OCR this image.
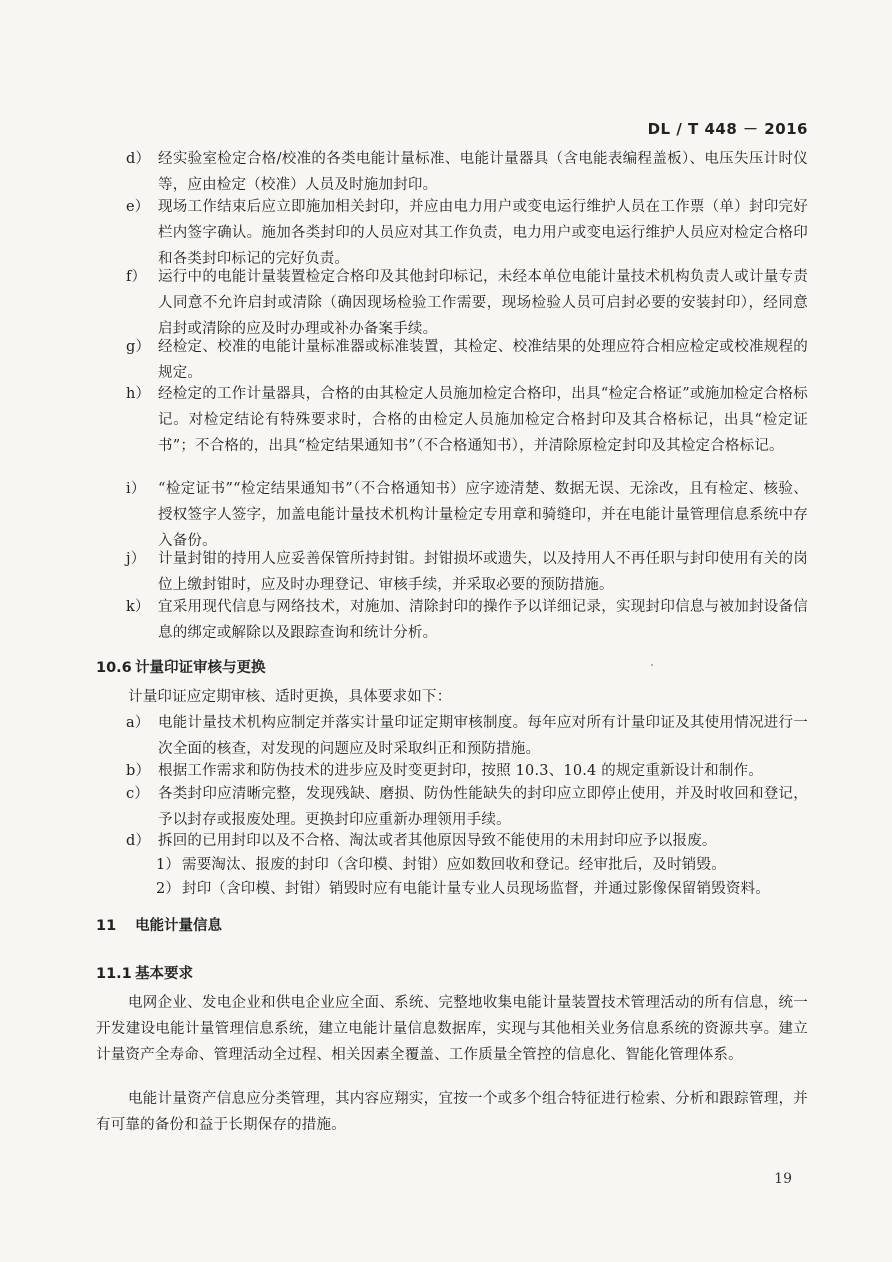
DL / T 448 － 2016
d） 经实验室检定合格/校准的各类电能计量标准、电能计量器具（含电能表编程盖板）、电压失压计时仪等，应由检定（校准）人员及时施加封印。
e） 现场工作结束后应立即施加相关封印，并应由电力用户或变电运行维护人员在工作票（单）封印完好栏内签字确认。施加各类封印的人员应对其工作负责，电力用户或变电运行维护人员应对检定合格印和各类封印标记的完好负责。
f） 运行中的电能计量装置检定合格印及其他封印标记，未经本单位电能计量技术机构负责人或计量专责人同意不允许启封或清除（确因现场检验工作需要，现场检验人员可启封必要的安装封印），经同意启封或清除的应及时办理或补办备案手续。
g） 经检定、校准的电能计量标准器或标准装置，其检定、校准结果的处理应符合相应检定或校准规程的规定。
h） 经检定的工作计量器具，合格的由其检定人员施加检定合格印，出具“检定合格证”或施加检定合格标记。对检定结论有特殊要求时，合格的由检定人员施加检定合格封印及其合格标记，出具“检定证书”；不合格的，出具“检定结果通知书”（不合格通知书），并清除原检定封印及其检定合格标记。
i） “检定证书”“检定结果通知书”（不合格通知书）应字迹清楚、数据无误、无涂改，且有检定、核验、授权签字人签字，加盖电能计量技术机构计量检定专用章和骑缝印，并在电能计量管理信息系统中存入备份。
j） 计量封钳的持用人应妥善保管所持封钳。封钳损坏或遗失，以及持用人不再任职与封印使用有关的岗位上缴封钳时，应及时办理登记、审核手续，并采取必要的预防措施。
k） 宜采用现代信息与网络技术，对施加、清除封印的操作予以详细记录，实现封印信息与被加封设备信息的绑定或解除以及跟踪查询和统计分析。
10.6 计量印证审核与更换
计量印证应定期审核、适时更换，具体要求如下：
a） 电能计量技术机构应制定并落实计量印证定期审核制度。每年应对所有计量印证及其使用情况进行一次全面的核查，对发现的问题应及时采取纠正和预防措施。
b） 根据工作需求和防伪技术的进步应及时变更封印，按照 10.3、10.4 的规定重新设计和制作。
c） 各类封印应清晰完整，发现残缺、磨损、防伪性能缺失的封印应立即停止使用，并及时收回和登记，予以封存或报废处理。更换封印应重新办理领用手续。
d） 拆回的已用封印以及不合格、淘汰或者其他原因导致不能使用的未用封印应予以报废。
1） 需要淘汰、报废的封印（含印模、封钳）应如数回收和登记。经审批后，及时销毁。
2） 封印（含印模、封钳）销毁时应有电能计量专业人员现场监督，并通过影像保留销毁资料。
11 电能计量信息
11.1 基本要求
电网企业、发电企业和供电企业应全面、系统、完整地收集电能计量装置技术管理活动的所有信息，统一开发建设电能计量管理信息系统，建立电能计量信息数据库，实现与其他相关业务信息系统的资源共享。建立计量资产全寿命、管理活动全过程、相关因素全覆盖、工作质量全管控的信息化、智能化管理体系。
电能计量资产信息应分类管理，其内容应翔实，宜按一个或多个组合特征进行检索、分析和跟踪管理，并有可靠的备份和益于长期保存的措施。
19
